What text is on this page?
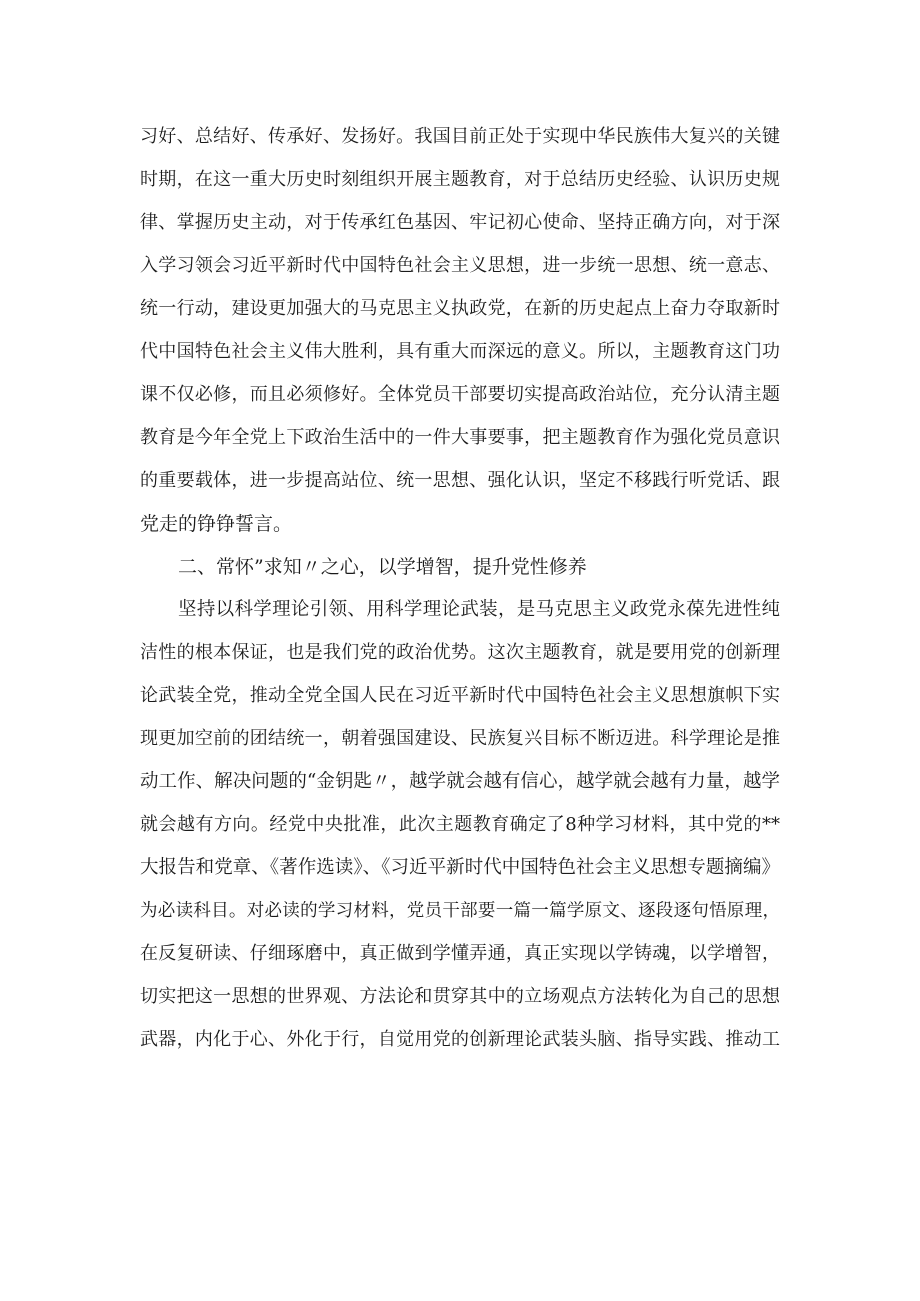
习好、总结好、传承好、发扬好。我国目前正处于实现中华民族伟大复兴的关键
时期，在这一重大历史时刻组织开展主题教育，对于总结历史经验、认识历史规
律、掌握历史主动，对于传承红色基因、牢记初心使命、坚持正确方向，对于深
入学习领会习近平新时代中国特色社会主义思想，进一步统一思想、统一意志、
统一行动，建设更加强大的马克思主义执政党，在新的历史起点上奋力夺取新时
代中国特色社会主义伟大胜利，具有重大而深远的意义。所以，主题教育这门功
课不仅必修，而且必须修好。全体党员干部要切实提高政治站位，充分认清主题
教育是今年全党上下政治生活中的一件大事要事，把主题教育作为强化党员意识
的重要载体，进一步提高站位、统一思想、强化认识，坚定不移践行听党话、跟
党走的铮铮誓言。
二、常怀”求知〃之心，以学增智，提升党性修养
坚持以科学理论引领、用科学理论武装，是马克思主义政党永葆先进性纯
洁性的根本保证，也是我们党的政治优势。这次主题教育，就是要用党的创新理
论武装全党，推动全党全国人民在习近平新时代中国特色社会主义思想旗帜下实
现更加空前的团结统一，朝着强国建设、民族复兴目标不断迈进。科学理论是推
动工作、解决问题的“金钥匙〃，越学就会越有信心，越学就会越有力量，越学
就会越有方向。经党中央批准，此次主题教育确定了8种学习材料，其中党的**
大报告和党章、《著作选读》、《习近平新时代中国特色社会主义思想专题摘编》
为必读科目。对必读的学习材料，党员干部要一篇一篇学原文、逐段逐句悟原理，
在反复研读、仔细琢磨中，真正做到学懂弄通，真正实现以学铸魂，以学增智，
切实把这一思想的世界观、方法论和贯穿其中的立场观点方法转化为自己的思想
武器，内化于心、外化于行，自觉用党的创新理论武装头脑、指导实践、推动工
